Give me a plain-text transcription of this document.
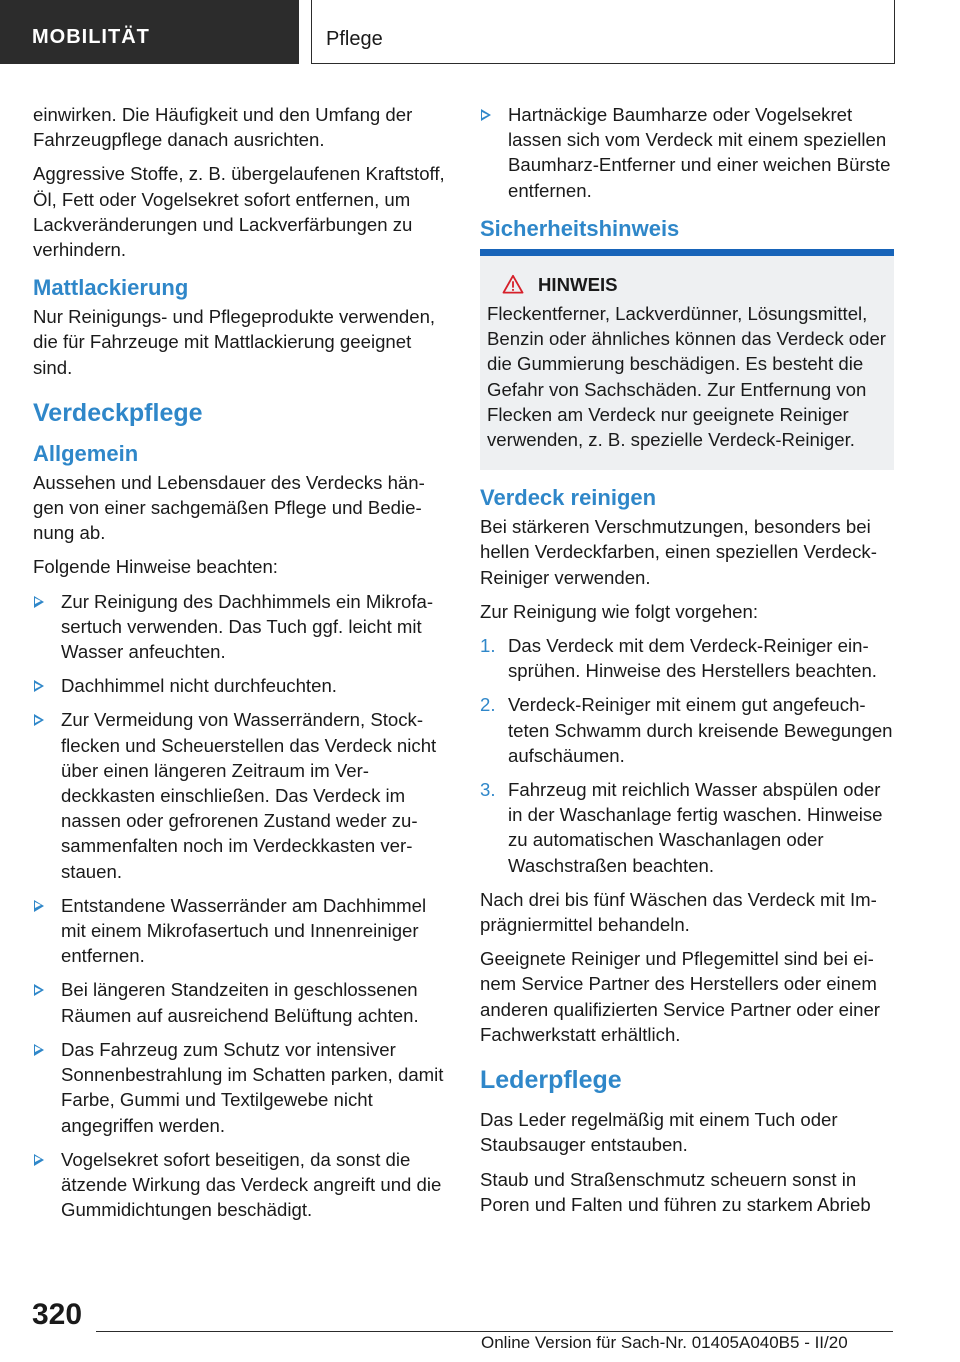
MOBILITÄT	Pflege

einwirken. Die Häufigkeit und den Umfang der Fahrzeugpflege danach ausrichten.

Aggressive Stoffe, z. B. übergelaufenen Kraftstoff, Öl, Fett oder Vogelsekret sofort entfernen, um Lackveränderungen und Lackverfärbungen zu verhindern.

Mattlackierung

Nur Reinigungs- und Pflegeprodukte verwenden, die für Fahrzeuge mit Mattlackierung geeignet sind.

Verdeckpflege
Allgemein

Aussehen und Lebensdauer des Verdecks hängen von einer sachgemäßen Pflege und Bedienung ab.

Folgende Hinweise beachten:

Zur Reinigung des Dachhimmels ein Mikrofasertuch verwenden. Das Tuch ggf. leicht mit Wasser anfeuchten.
Dachhimmel nicht durchfeuchten.
Zur Vermeidung von Wasserrändern, Stockflecken und Scheuerstellen das Verdeck nicht über einen längeren Zeitraum im Verdeckkasten einschließen. Das Verdeck im nassen oder gefrorenen Zustand weder zusammenfalten noch im Verdeckkasten verstauen.
Entstandene Wasserränder am Dachhimmel mit einem Mikrofasertuch und Innenreiniger entfernen.
Bei längeren Standzeiten in geschlossenen Räumen auf ausreichend Belüftung achten.
Das Fahrzeug zum Schutz vor intensiver Sonnenbestrahlung im Schatten parken, damit Farbe, Gummi und Textilgewebe nicht angegriffen werden.
Vogelsekret sofort beseitigen, da sonst die ätzende Wirkung das Verdeck angreift und die Gummidichtungen beschädigt.
Hartnäckige Baumharze oder Vogelsekret lassen sich vom Verdeck mit einem speziellen Baumharz-Entferner und einer weichen Bürste entfernen.
Sicherheitshinweis
HINWEIS

Fleckentferner, Lackverdünner, Lösungsmittel, Benzin oder ähnliches können das Verdeck oder die Gummierung beschädigen. Es besteht die Gefahr von Sachschäden. Zur Entfernung von Flecken am Verdeck nur geeignete Reiniger verwenden, z. B. spezielle Verdeck-Reiniger.

Verdeck reinigen

Bei stärkeren Verschmutzungen, besonders bei hellen Verdeckfarben, einen speziellen Verdeck-Reiniger verwenden.

Zur Reinigung wie folgt vorgehen:

1. Das Verdeck mit dem Verdeck-Reiniger einsprühen. Hinweise des Herstellers beachten.
2. Verdeck-Reiniger mit einem gut angefeuchteten Schwamm durch kreisende Bewegungen aufschäumen.
3. Fahrzeug mit reichlich Wasser abspülen oder in der Waschanlage fertig waschen. Hinweise zu automatischen Waschanlagen oder Waschstraßen beachten.

Nach drei bis fünf Wäschen das Verdeck mit Imprägniermittel behandeln.

Geeignete Reiniger und Pflegemittel sind bei einem Service Partner des Herstellers oder einem anderen qualifizierten Service Partner oder einer Fachwerkstatt erhältlich.

Lederpflege

Das Leder regelmäßig mit einem Tuch oder Staubsauger entstauben.

Staub und Straßenschmutz scheuern sonst in Poren und Falten und führen zu starkem Abrieb

320
Online Version für Sach-Nr. 01405A040B5 - II/20
